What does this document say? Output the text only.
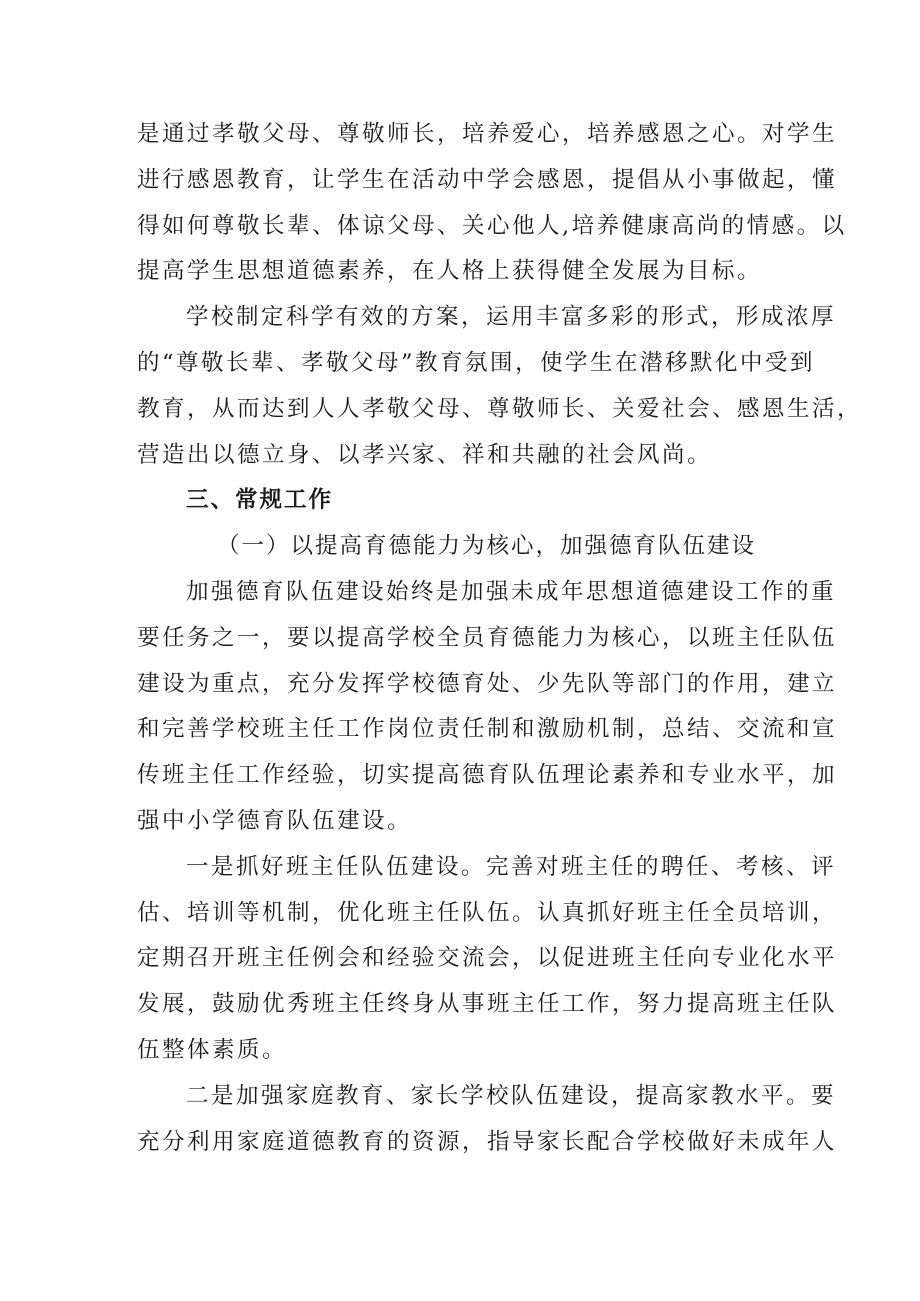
是通过孝敬父母、尊敬师长，培养爱心，培养感恩之心。对学生
进行感恩教育，让学生在活动中学会感恩，提倡从小事做起，懂
得如何尊敬长辈、体谅父母、关心他人,培养健康高尚的情感。以
提高学生思想道德素养，在人格上获得健全发展为目标。
学校制定科学有效的方案，运用丰富多彩的形式，形成浓厚
的“尊敬长辈、孝敬父母”教育氛围，使学生在潜移默化中受到
教育，从而达到人人孝敬父母、尊敬师长、关爱社会、感恩生活，
营造出以德立身、以孝兴家、祥和共融的社会风尚。
三、常规工作
（一）以提高育德能力为核心，加强德育队伍建设
加强德育队伍建设始终是加强未成年思想道德建设工作的重
要任务之一，要以提高学校全员育德能力为核心，以班主任队伍
建设为重点，充分发挥学校德育处、少先队等部门的作用，建立
和完善学校班主任工作岗位责任制和激励机制，总结、交流和宣
传班主任工作经验，切实提高德育队伍理论素养和专业水平，加
强中小学德育队伍建设。
一是抓好班主任队伍建设。完善对班主任的聘任、考核、评
估、培训等机制，优化班主任队伍。认真抓好班主任全员培训，
定期召开班主任例会和经验交流会，以促进班主任向专业化水平
发展，鼓励优秀班主任终身从事班主任工作，努力提高班主任队
伍整体素质。
二是加强家庭教育、家长学校队伍建设，提高家教水平。要
充分利用家庭道德教育的资源，指导家长配合学校做好未成年人
